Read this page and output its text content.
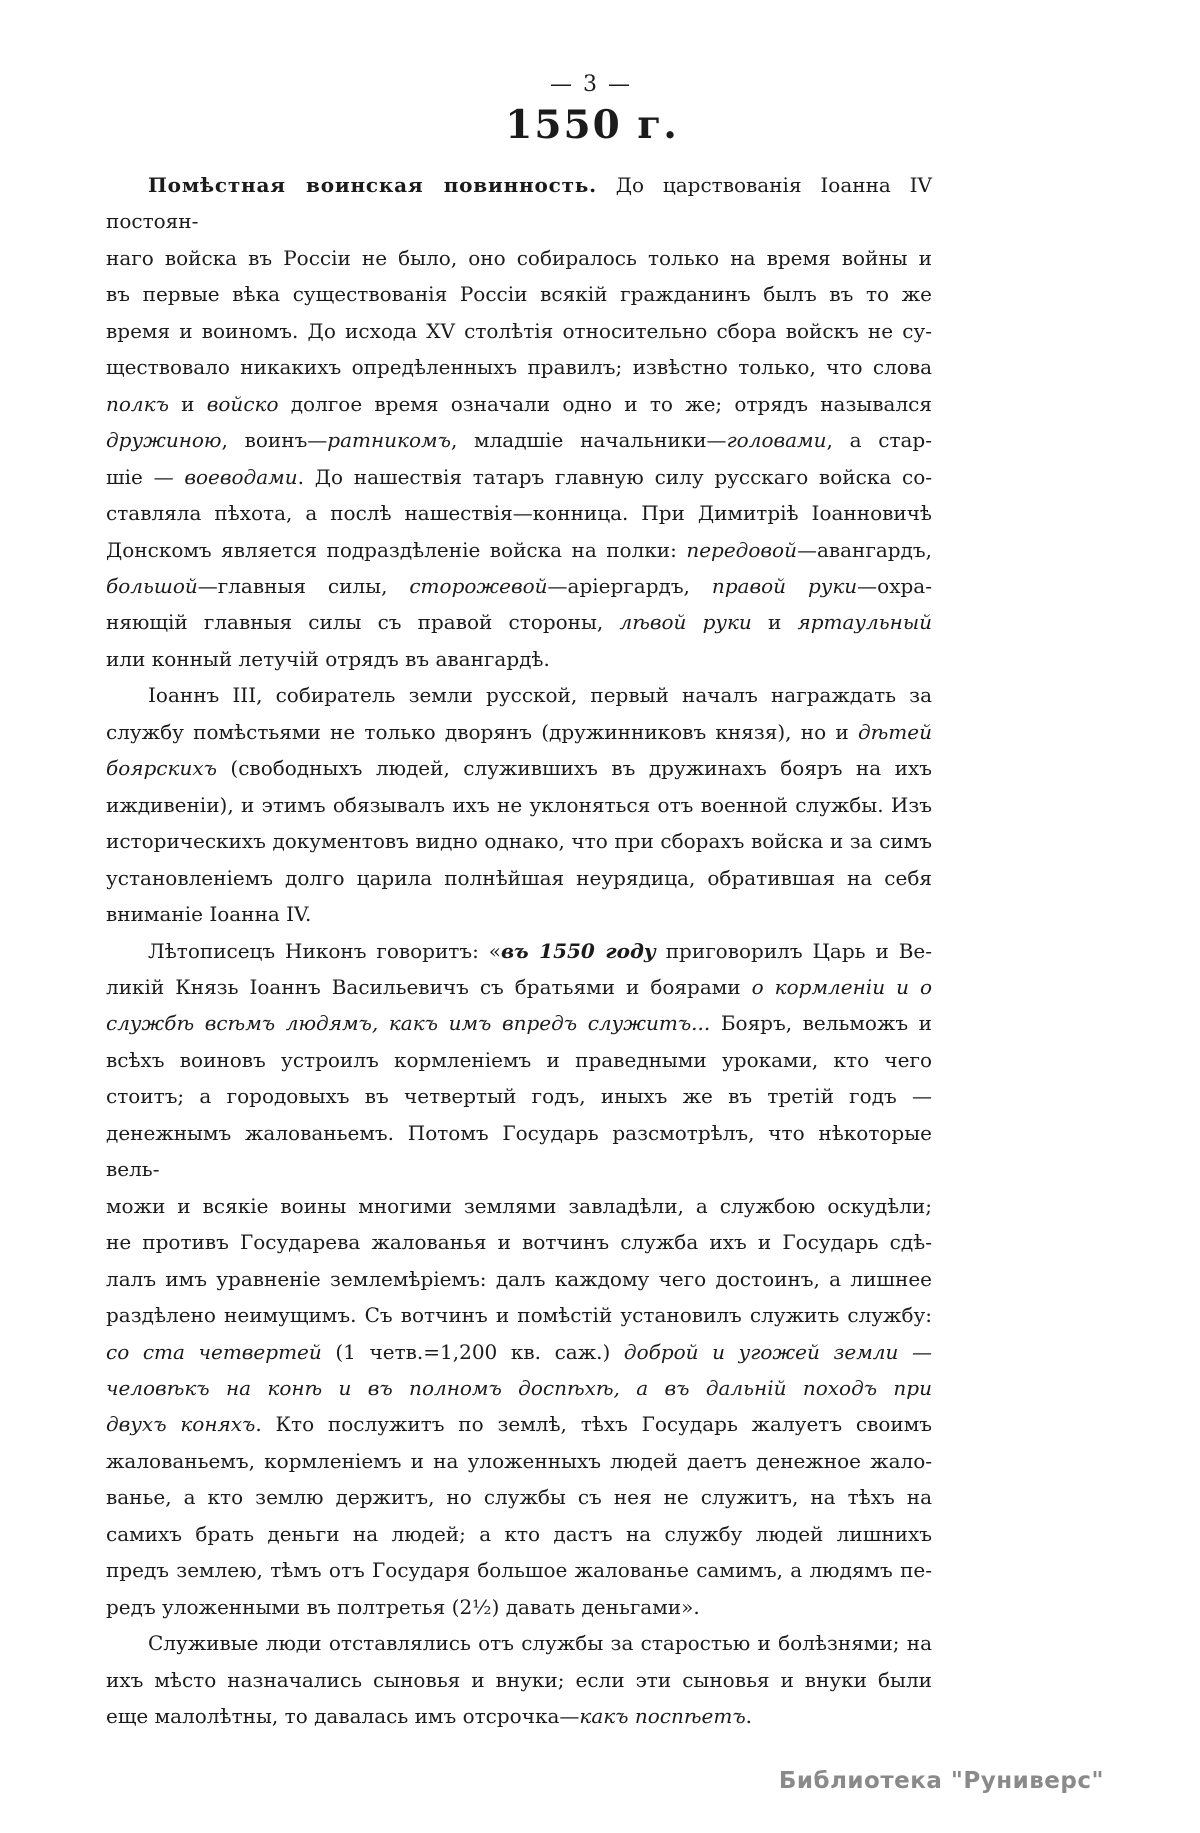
— 3 —
1550 г.
Помѣстная воинская повинность. До царствованія Іоанна IV постоян-
наго войска въ Россіи не было, оно собиралось только на время войны и
въ первые вѣка существованія Россіи всякій гражданинъ былъ въ то же
время и воиномъ. До исхода XV столѣтія относительно сбора войскъ не су-
ществовало никакихъ опредѣленныхъ правилъ; извѣстно только, что слова
полкъ и войско долгое время означали одно и то же; отрядъ назывался
дружиною, воинъ—ратникомъ, младшіе начальники—головами, а стар-
шіе — воеводами. До нашествія татаръ главную силу русскаго войска со-
ставляла пѣхота, а послѣ нашествія—конница. При Димитріѣ Іоанновичѣ
Донскомъ является подраздѣленіе войска на полки: передовой—авангардъ,
большой—главныя силы, сторожевой—аріергардъ, правой руки—охра-
няющій главныя силы съ правой стороны, лѣвой руки и яртаульный
или конный летучій отрядъ въ авангардѣ.
Іоаннъ III, собиратель земли русской, первый началъ награждать за
службу помѣстьями не только дворянъ (дружинниковъ князя), но и дѣтей
боярскихъ (свободныхъ людей, служившихъ въ дружинахъ бояръ на ихъ
иждивеніи), и этимъ обязывалъ ихъ не уклоняться отъ военной службы. Изъ
историческихъ документовъ видно однако, что при сборахъ войска и за симъ
установленіемъ долго царила полнѣйшая неурядица, обратившая на себя
вниманіе Іоанна IV.
Лѣтописецъ Никонъ говоритъ: «въ 1550 году приговорилъ Царь и Ве-
ликій Князь Іоаннъ Васильевичъ съ братьями и боярами о кормленіи и о
службѣ всѣмъ людямъ, какъ имъ впредъ служитъ... Бояръ, вельможъ и
всѣхъ воиновъ устроилъ кормленіемъ и праведными уроками, кто чего
стоитъ; а городовыхъ въ четвертый годъ, иныхъ же въ третій годъ —
денежнымъ жалованьемъ. Потомъ Государь разсмотрѣлъ, что нѣкоторые вель-
можи и всякіе воины многими землями завладѣли, а службою оскудѣли;
не противъ Государева жалованья и вотчинъ служба ихъ и Государь сдѣ-
лалъ имъ уравненіе землемѣріемъ: далъ каждому чего достоинъ, а лишнее
раздѣлено неимущимъ. Съ вотчинъ и помѣстій установилъ служить службу:
со ста четвертей (1 четв.=1,200 кв. саж.) доброй и угожей земли —
человѣкъ на конѣ и въ полномъ доспѣхѣ, а въ дальній походъ при
двухъ коняхъ. Кто послужитъ по землѣ, тѣхъ Государь жалуетъ своимъ
жалованьемъ, кормленіемъ и на уложенныхъ людей даетъ денежное жало-
ванье, а кто землю держитъ, но службы съ нея не служитъ, на тѣхъ на
самихъ брать деньги на людей; а кто дастъ на службу людей лишнихъ
предъ землею, тѣмъ отъ Государя большое жалованье самимъ, а людямъ пе-
редъ уложенными въ полтретья (2½) давать деньгами».
Служивые люди отставлялись отъ службы за старостью и болѣзнями; на
ихъ мѣсто назначались сыновья и внуки; если эти сыновья и внуки были
еще малолѣтны, то давалась имъ отсрочка—какъ поспѣетъ.
Библиотека "Руниверс"
